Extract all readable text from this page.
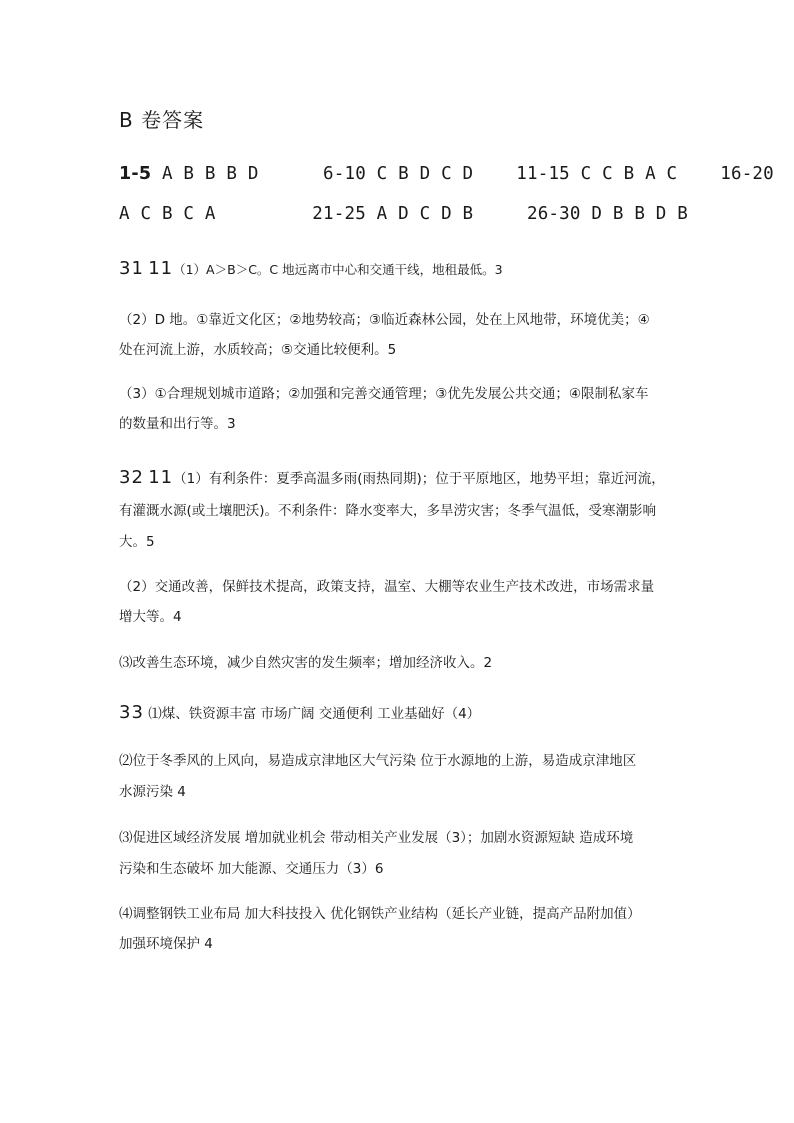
B 卷答案
1-5 A B B B D      6-10 C B D C D    11-15 C C B A C    16-20
A C B C A         21-25 A D C D B     26-30 D B B D B
31 11（1）A＞B＞C。C 地远离市中心和交通干线，地租最低。3
（2）D 地。①靠近文化区；②地势较高；③临近森林公园，处在上风地带，环境优美；④
处在河流上游，水质较高；⑤交通比较便利。5
（3）①合理规划城市道路；②加强和完善交通管理；③优先发展公共交通；④限制私家车
的数量和出行等。3
32 11（1）有利条件：夏季高温多雨(雨热同期)；位于平原地区，地势平坦；靠近河流，
有灌溉水源(或土壤肥沃)。不利条件：降水变率大，多旱涝灾害；冬季气温低，受寒潮影响
大。5
（2）交通改善，保鲜技术提高，政策支持，温室、大棚等农业生产技术改进，市场需求量
增大等。4
⑶改善生态环境，减少自然灾害的发生频率；增加经济收入。2
33 ⑴煤、铁资源丰富 市场广阔 交通便利 工业基础好（4）
⑵位于冬季风的上风向，易造成京津地区大气污染 位于水源地的上游，易造成京津地区
水源污染 4
⑶促进区域经济发展 增加就业机会 带动相关产业发展（3）；加剧水资源短缺 造成环境
污染和生态破坏 加大能源、交通压力（3）6
⑷调整钢铁工业布局 加大科技投入 优化钢铁产业结构（延长产业链，提高产品附加值）
加强环境保护 4
